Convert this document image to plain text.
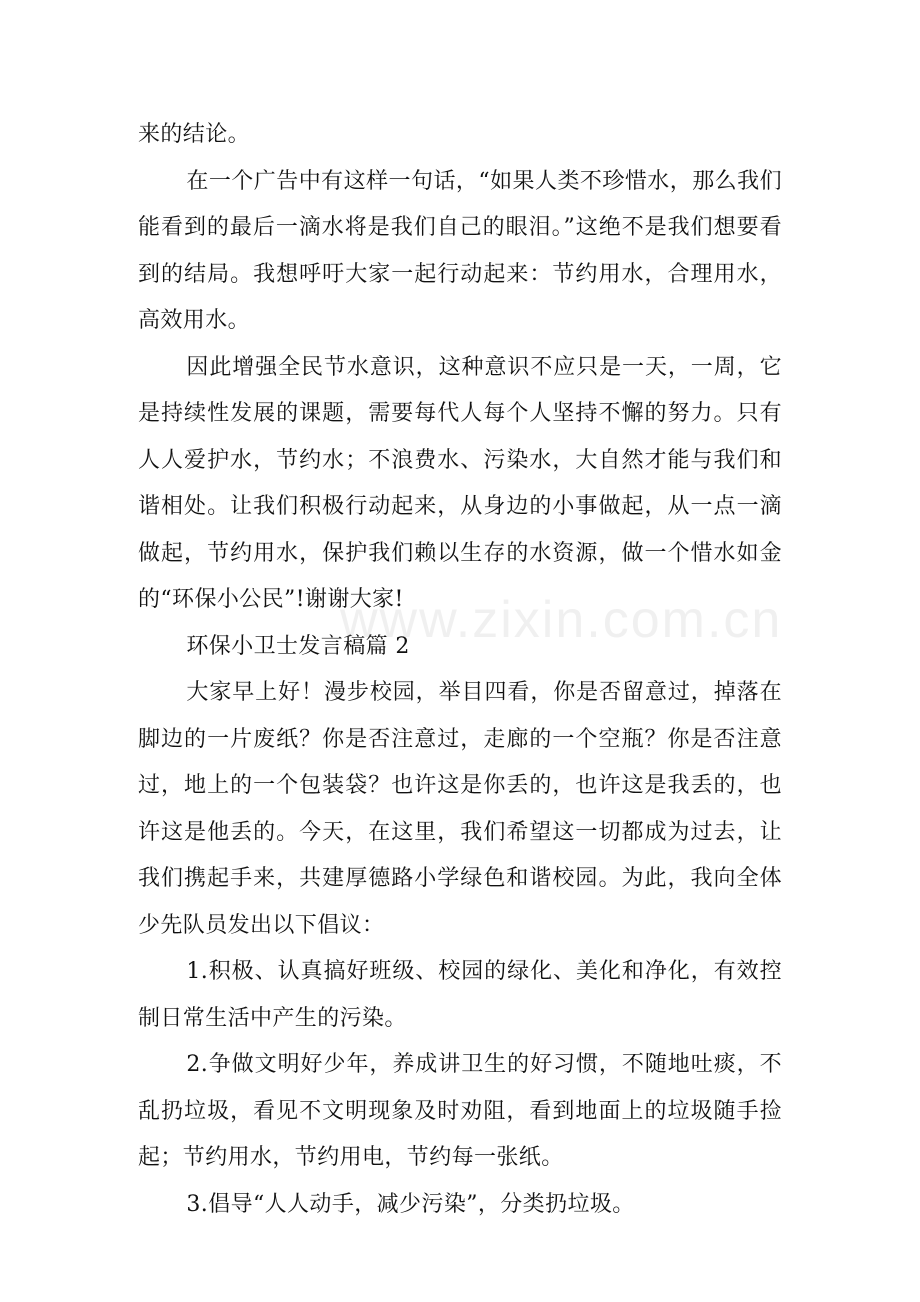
来的结论。

在一个广告中有这样一句话，“如果人类不珍惜水，那么我们能看到的最后一滴水将是我们自己的眼泪。”这绝不是我们想要看到的结局。我想呼吁大家一起行动起来：节约用水，合理用水，高效用水。

因此增强全民节水意识，这种意识不应只是一天，一周，它是持续性发展的课题，需要每代人每个人坚持不懈的努力。只有人人爱护水，节约水；不浪费水、污染水，大自然才能与我们和谐相处。让我们积极行动起来，从身边的小事做起，从一点一滴做起，节约用水，保护我们赖以生存的水资源，做一个惜水如金的“环保小公民”!谢谢大家!

环保小卫士发言稿篇 2

大家早上好！漫步校园，举目四看，你是否留意过，掉落在脚边的一片废纸？你是否注意过，走廊的一个空瓶？你是否注意过，地上的一个包装袋？也许这是你丢的，也许这是我丢的，也许这是他丢的。今天，在这里，我们希望这一切都成为过去，让我们携起手来，共建厚德路小学绿色和谐校园。为此，我向全体少先队员发出以下倡议：

1.积极、认真搞好班级、校园的绿化、美化和净化，有效控制日常生活中产生的污染。

2.争做文明好少年，养成讲卫生的好习惯，不随地吐痰，不乱扔垃圾，看见不文明现象及时劝阻，看到地面上的垃圾随手捡起；节约用水，节约用电，节约每一张纸。

3.倡导“人人动手，减少污染”，分类扔垃圾。

www.zixin.com.cn
